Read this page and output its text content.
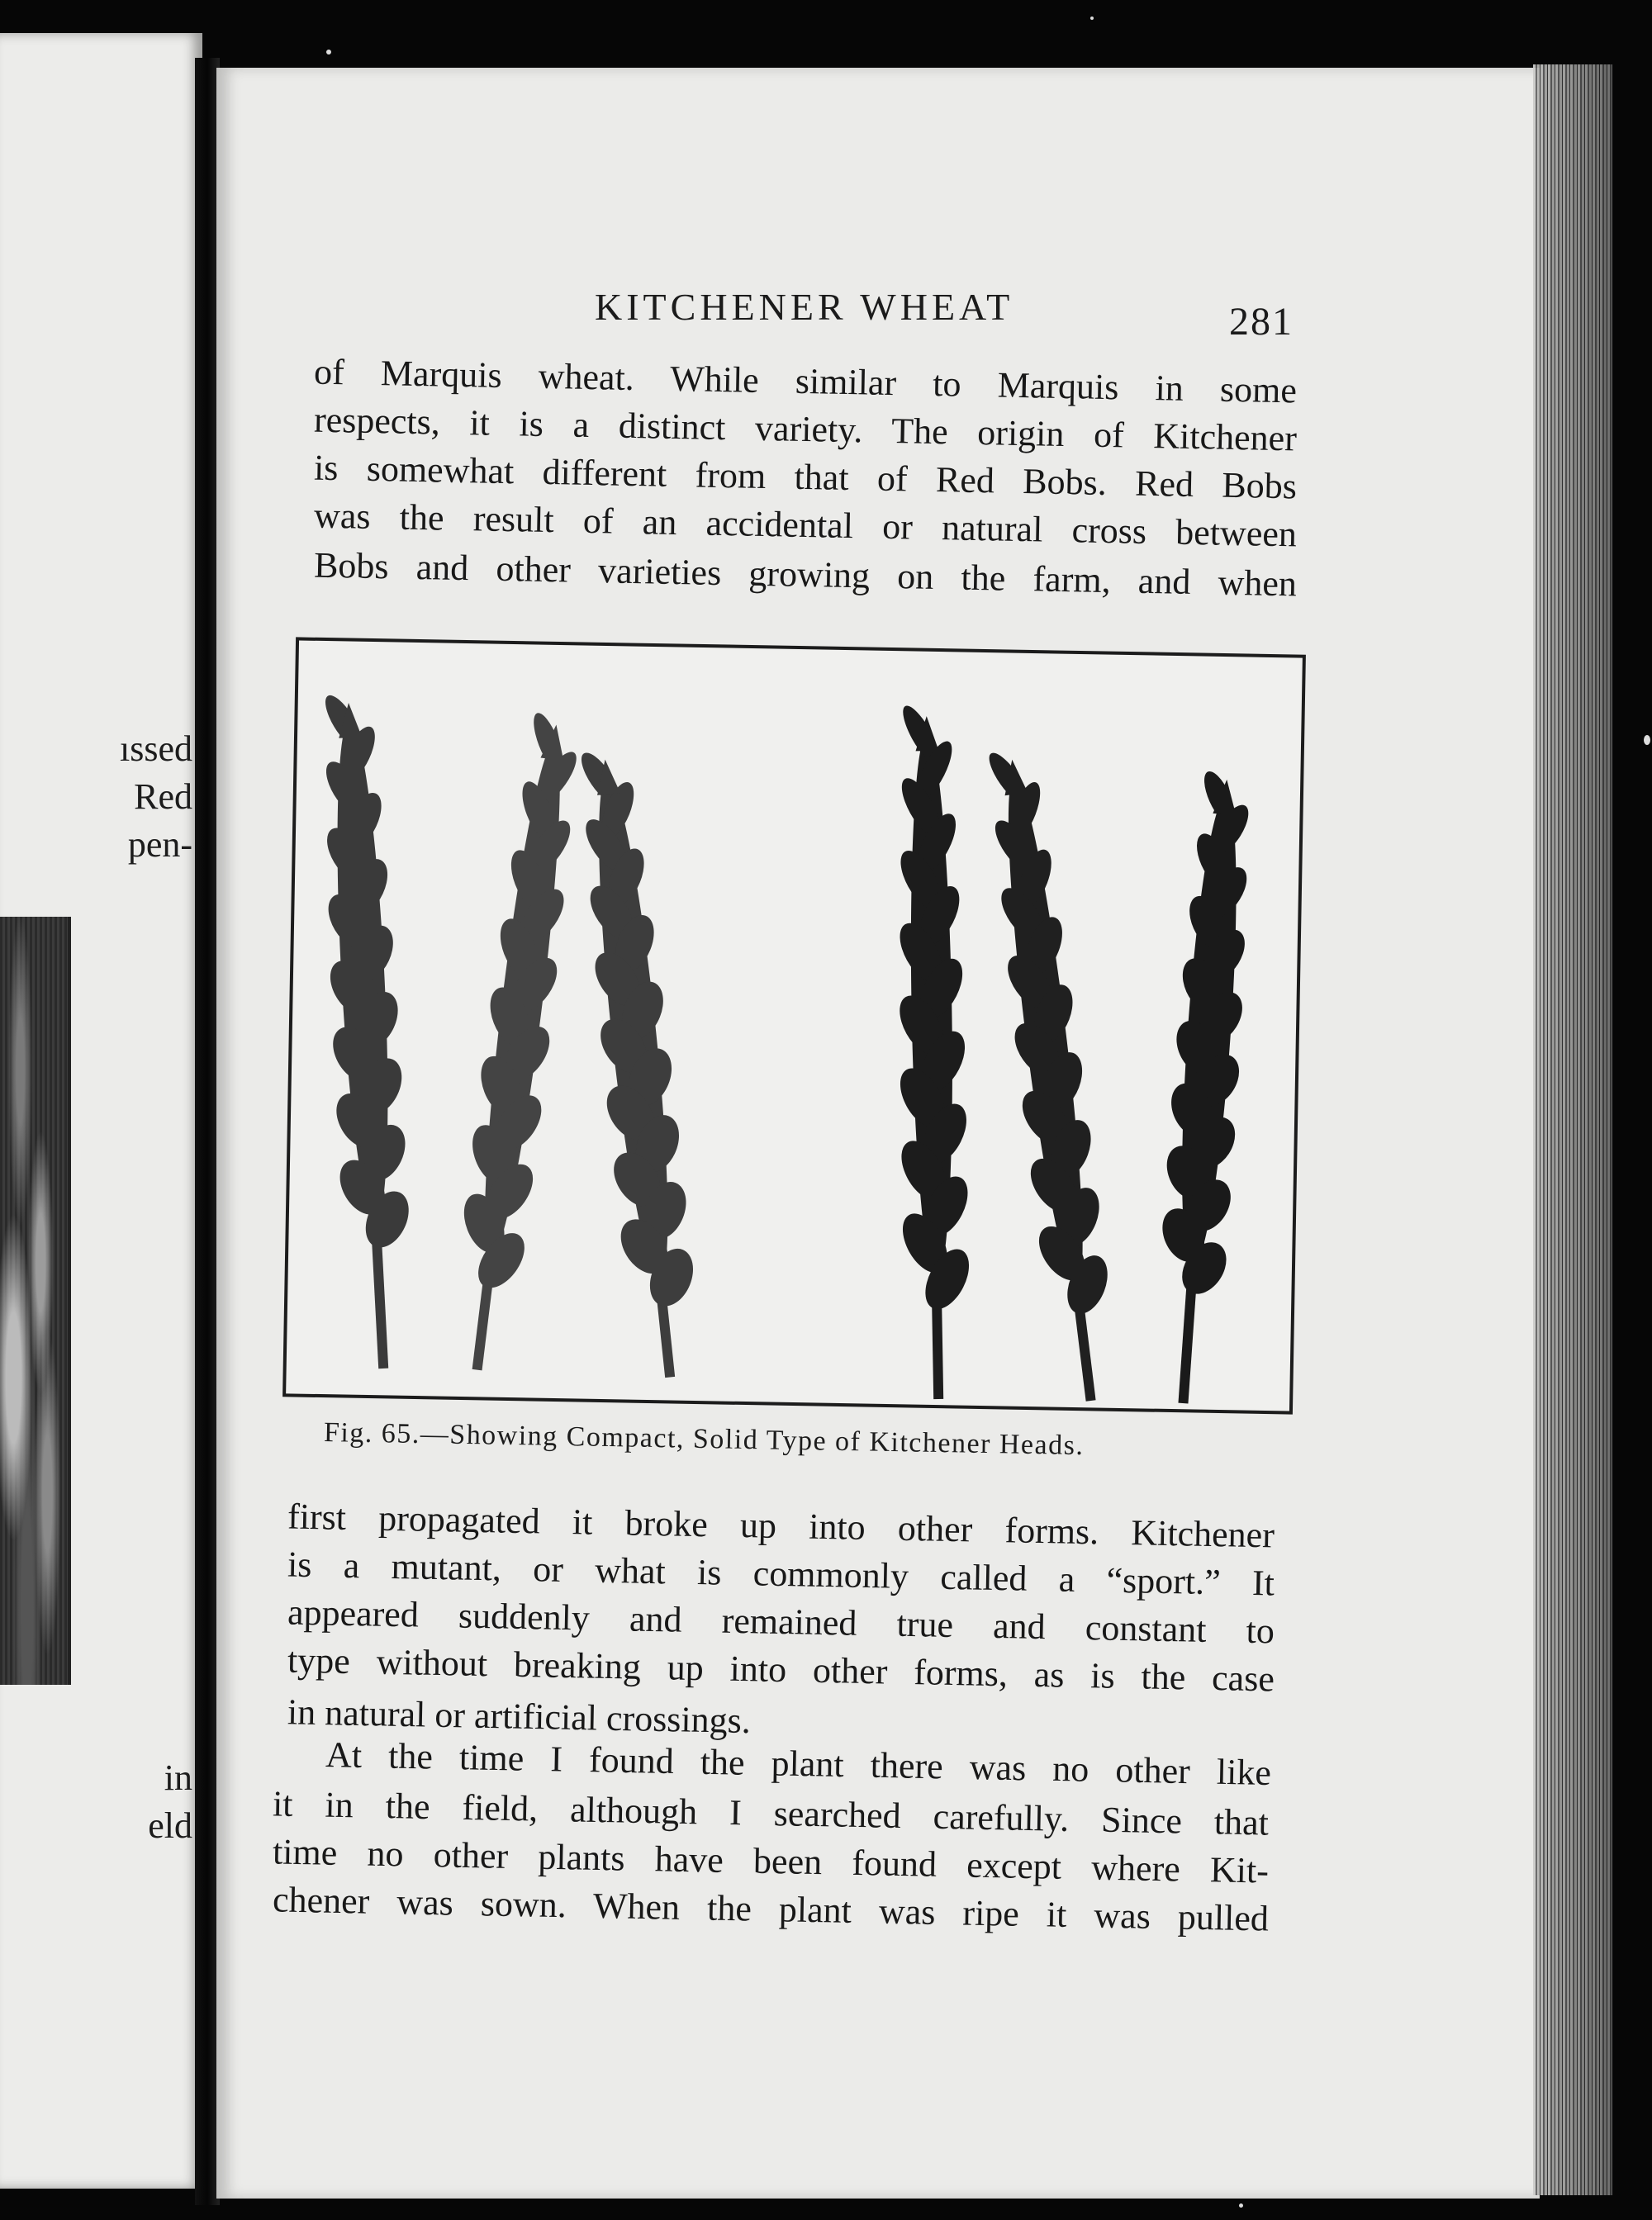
ıssed
Red
pen-
in
eld
KITCHENER WHEAT	281
of Marquis wheat. While similar to Marquis in some
respects, it is a distinct variety. The origin of Kitchener
is somewhat different from that of Red Bobs. Red Bobs
was the result of an accidental or natural cross between
Bobs and other varieties growing on the farm, and when
Fig. 65.—Showing Compact, Solid Type of Kitchener Heads.
first propagated it broke up into other forms. Kitchener
is a mutant, or what is commonly called a “sport.” It
appeared suddenly and remained true and constant to
type without breaking up into other forms, as is the case
in natural or artificial crossings.
At the time I found the plant there was no other like
it in the field, although I searched carefully. Since that
time no other plants have been found except where Kit-
chener was sown. When the plant was ripe it was pulled
